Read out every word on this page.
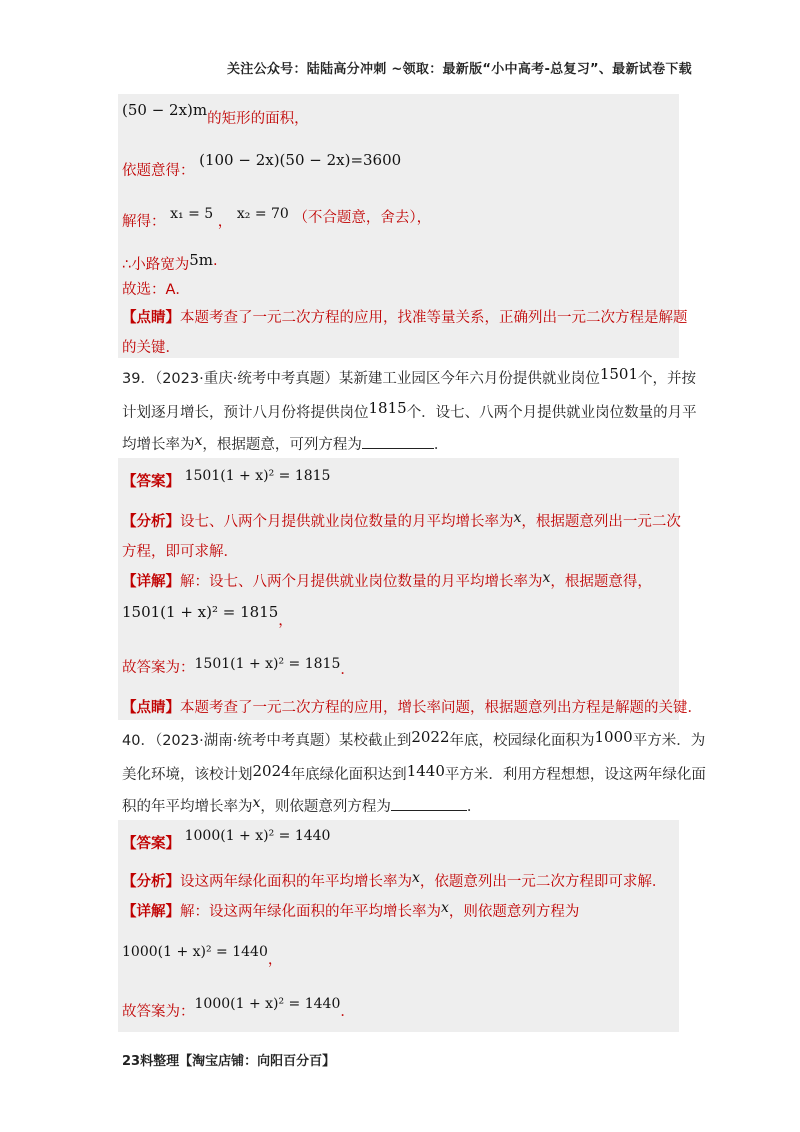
关注公众号：陆陆高分冲刺 ~领取：最新版“小中高考-总复习”、最新试卷下载
(50 − 2x)m的矩形的面积，
依题意得： (100 − 2x)(50 − 2x)=3600
解得： x₁ = 5 ， x₂ = 70 （不合题意，舍去），
∴小路宽为5m.
故选：A．
【点睛】本题考查了一元二次方程的应用，找准等量关系，正确列出一元二次方程是解题
的关键．
39．（2023·重庆·统考中考真题）某新建工业园区今年六月份提供就业岗位1501个，并按
计划逐月增长，预计八月份将提供岗位1815个．设七、八两个月提供就业岗位数量的月平
均增长率为x，根据题意，可列方程为	．
【答案】 1501(1 + x)² = 1815
【分析】设七、八两个月提供就业岗位数量的月平均增长率为x，根据题意列出一元二次
方程，即可求解．
【详解】解：设七、八两个月提供就业岗位数量的月平均增长率为x，根据题意得，
1501(1 + x)² = 1815，
故答案为：1501(1 + x)² = 1815．
【点睛】本题考查了一元二次方程的应用，增长率问题，根据题意列出方程是解题的关键．
40．（2023·湖南·统考中考真题）某校截止到2022年底，校园绿化面积为1000平方米．为
美化环境，该校计划2024年底绿化面积达到1440平方米．利用方程想想，设这两年绿化面
积的年平均增长率为x，则依题意列方程为	．
【答案】 1000(1 + x)² = 1440
【分析】设这两年绿化面积的年平均增长率为x，依题意列出一元二次方程即可求解．
【详解】解：设这两年绿化面积的年平均增长率为x，则依题意列方程为
1000(1 + x)² = 1440，
故答案为：1000(1 + x)² = 1440．
23料整理【淘宝店铺：向阳百分百】
